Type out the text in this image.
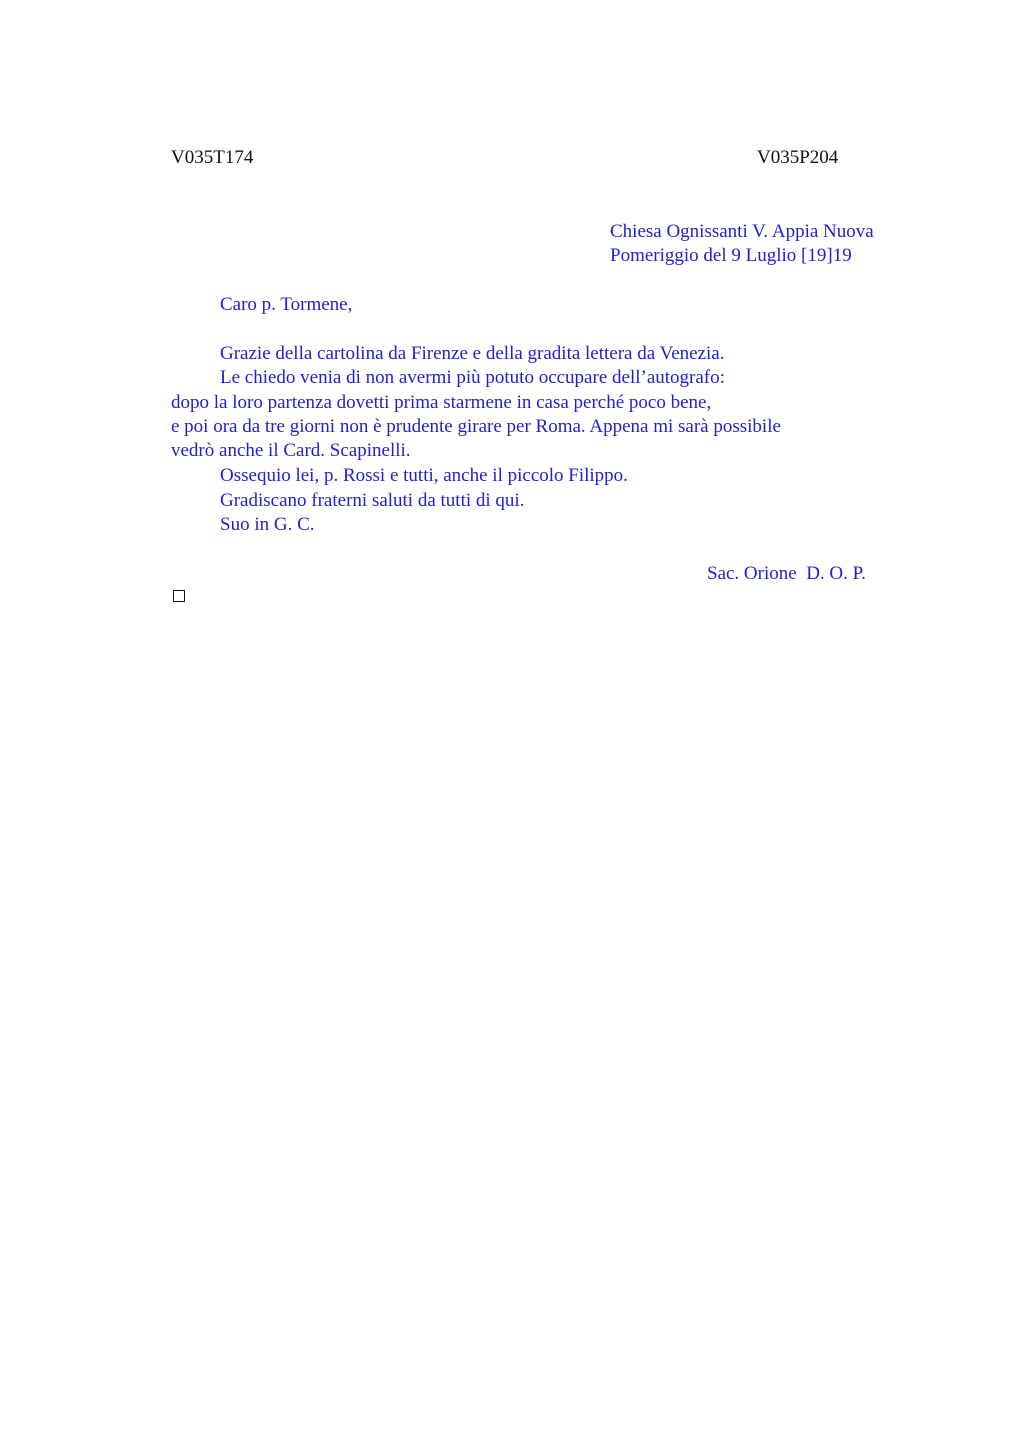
V035T174	V035P204
Chiesa Ognissanti V. Appia Nuova
Pomeriggio del 9 Luglio [19]19
Caro p. Tormene,
Grazie della cartolina da Firenze e della gradita lettera da Venezia.
Le chiedo venia di non avermi più potuto occupare dell’autografo:
dopo la loro partenza dovetti prima starmene in casa perché poco bene,
e poi ora da tre giorni non è prudente girare per Roma. Appena mi sarà possibile
vedrò anche il Card. Scapinelli.
Ossequio lei, p. Rossi e tutti, anche il piccolo Filippo.
Gradiscano fraterni saluti da tutti di qui.
Suo in G. C.
Sac. Orione  D. O. P.
